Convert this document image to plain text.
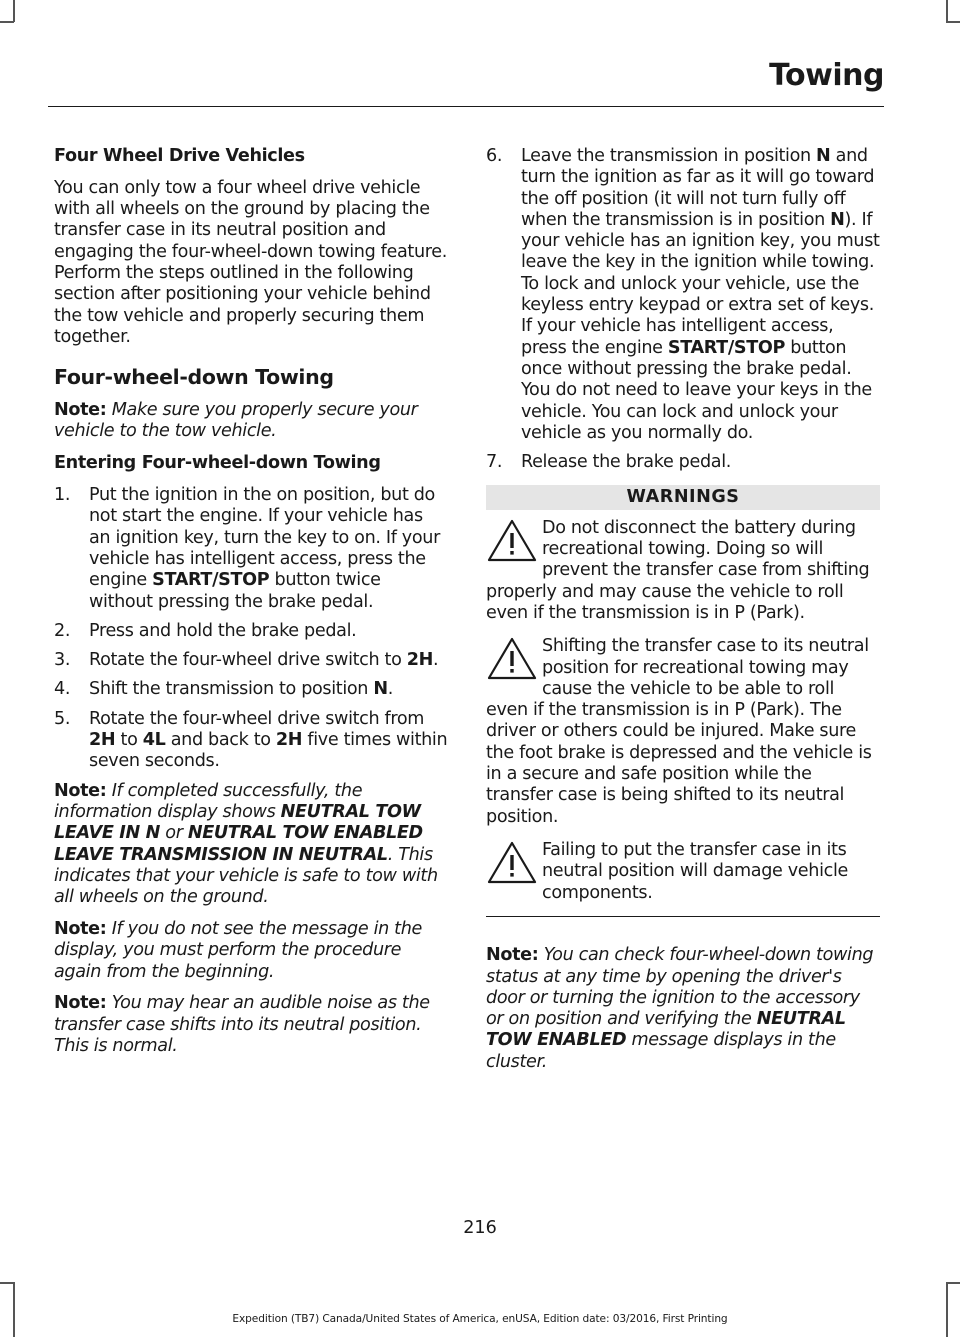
Towing

Four Wheel Drive Vehicles

You can only tow a four wheel drive vehicle with all wheels on the ground by placing the transfer case in its neutral position and engaging the four-wheel-down towing feature. Perform the steps outlined in the following section after positioning your vehicle behind the tow vehicle and properly securing them together.

Four-wheel-down Towing

Note: Make sure you properly secure your vehicle to the tow vehicle.

Entering Four-wheel-down Towing

1. Put the ignition in the on position, but do not start the engine. If your vehicle has an ignition key, turn the key to on. If your vehicle has intelligent access, press the engine START/STOP button twice without pressing the brake pedal.
2. Press and hold the brake pedal.
3. Rotate the four-wheel drive switch to 2H.
4. Shift the transmission to position N.
5. Rotate the four-wheel drive switch from 2H to 4L and back to 2H five times within seven seconds.

Note: If completed successfully, the information display shows NEUTRAL TOW LEAVE IN N or NEUTRAL TOW ENABLED LEAVE TRANSMISSION IN NEUTRAL. This indicates that your vehicle is safe to tow with all wheels on the ground.

Note: If you do not see the message in the display, you must perform the procedure again from the beginning.

Note: You may hear an audible noise as the transfer case shifts into its neutral position. This is normal.

6. Leave the transmission in position N and turn the ignition as far as it will go toward the off position (it will not turn fully off when the transmission is in position N). If your vehicle has an ignition key, you must leave the key in the ignition while towing. To lock and unlock your vehicle, use the keyless entry keypad or extra set of keys. If your vehicle has intelligent access, press the engine START/STOP button once without pressing the brake pedal. You do not need to leave your keys in the vehicle. You can lock and unlock your vehicle as you normally do.
7. Release the brake pedal.
WARNINGS
Do not disconnect the battery during recreational towing. Doing so will prevent the transfer case from shifting properly and may cause the vehicle to roll even if the transmission is in P (Park).
Shifting the transfer case to its neutral position for recreational towing may cause the vehicle to be able to roll even if the transmission is in P (Park). The driver or others could be injured. Make sure the foot brake is depressed and the vehicle is in a secure and safe position while the transfer case is being shifted to its neutral position.
Failing to put the transfer case in its neutral position will damage vehicle components.

Note: You can check four-wheel-down towing status at any time by opening the driver's door or turning the ignition to the accessory or on position and verifying the NEUTRAL TOW ENABLED message displays in the cluster.

216
Expedition (TB7) Canada/United States of America, enUSA, Edition date: 03/2016, First Printing
